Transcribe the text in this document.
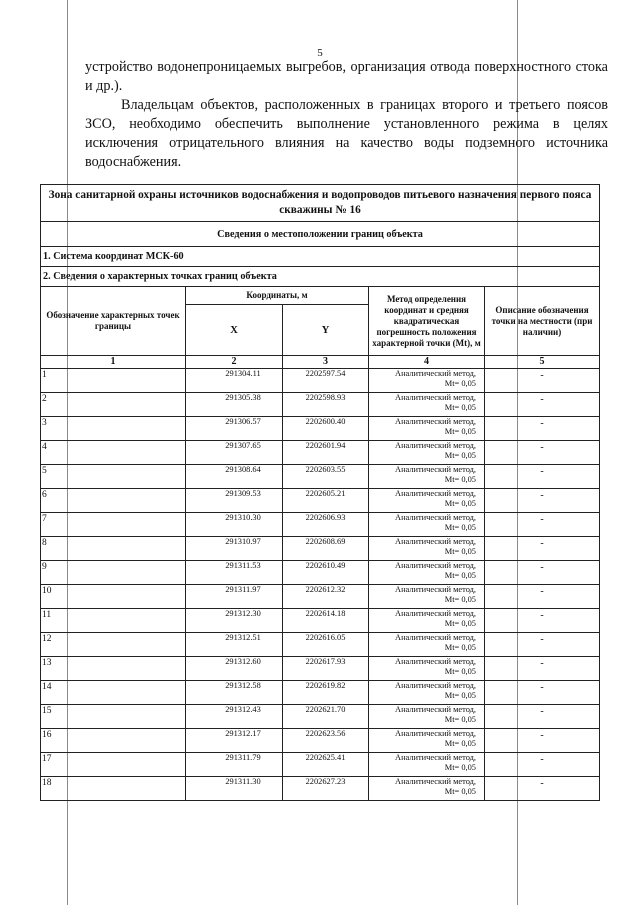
5

устройство водонепроницаемых выгребов, организация отвода поверхностного стока и др.).

Владельцам объектов, расположенных в границах второго и третьего поясов ЗСО, необходимо обеспечить выполнение установленного режима в целях исключения отрицательного влияния на качество воды подземного источника водоснабжения.

Зона санитарной охраны источников водоснабжения и водопроводов питьевого назначения первого пояса скважины № 16				
Сведения о местоположении границ объекта				
1. Система координат МСК-60				
2. Сведения о характерных точках границ объекта				
Обозначение характерных точек границы	Координаты, м		Метод определения координат и средняя квадратическая погрешность положения характерной точки (Mt), м	Описание обозначения точки на местности (при наличии)
	X	Y		
1	2	3	4	5
1	291304.11	2202597.54	Аналитический метод,
Mt= 0,05	-
2	291305.38	2202598.93	Аналитический метод,
Mt= 0,05	-
3	291306.57	2202600.40	Аналитический метод,
Mt= 0,05	-
4	291307.65	2202601.94	Аналитический метод,
Mt= 0,05	-
5	291308.64	2202603.55	Аналитический метод,
Mt= 0,05	-
6	291309.53	2202605.21	Аналитический метод,
Mt= 0,05	-
7	291310.30	2202606.93	Аналитический метод,
Mt= 0,05	-
8	291310.97	2202608.69	Аналитический метод,
Mt= 0,05	-
9	291311.53	2202610.49	Аналитический метод,
Mt= 0,05	-
10	291311.97	2202612.32	Аналитический метод,
Mt= 0,05	-
11	291312.30	2202614.18	Аналитический метод,
Mt= 0,05	-
12	291312.51	2202616.05	Аналитический метод,
Mt= 0,05	-
13	291312.60	2202617.93	Аналитический метод,
Mt= 0,05	-
14	291312.58	2202619.82	Аналитический метод,
Mt= 0,05	-
15	291312.43	2202621.70	Аналитический метод,
Mt= 0,05	-
16	291312.17	2202623.56	Аналитический метод,
Mt= 0,05	-
17	291311.79	2202625.41	Аналитический метод,
Mt= 0,05	-
18	291311.30	2202627.23	Аналитический метод,
Mt= 0,05	-
